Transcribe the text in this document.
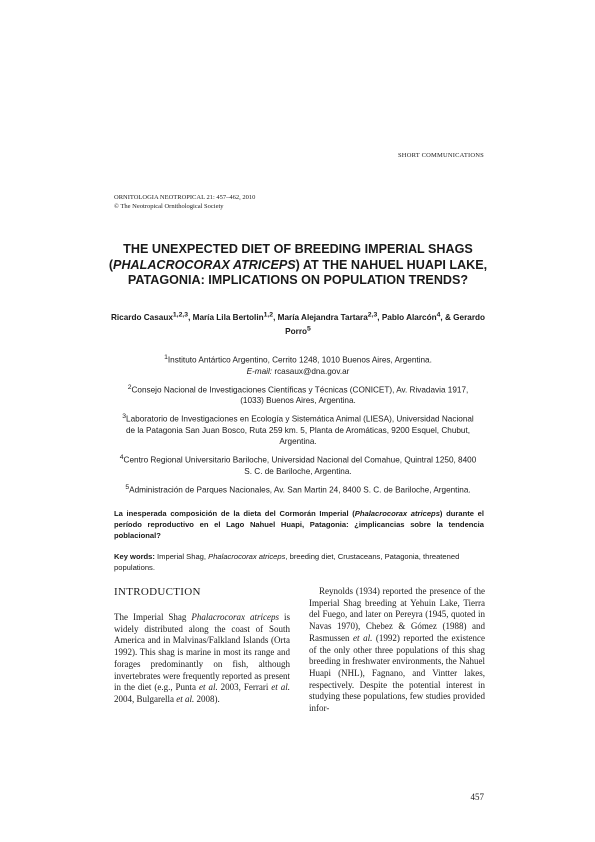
SHORT COMMUNICATIONS
ORNITOLOGIA NEOTROPICAL 21: 457–462, 2010
© The Neotropical Ornithological Society
THE UNEXPECTED DIET OF BREEDING IMPERIAL SHAGS
(PHALACROCORAX ATRICEPS) AT THE NAHUEL HUAPI LAKE,
PATAGONIA: IMPLICATIONS ON POPULATION TRENDS?
Ricardo Casaux$^{1,2,3}$, María Lila Bertolin$^{1,2}$, María Alejandra Tartara$^{2,3}$, Pablo Alarcón$^4$, & Gerardo Porro$^5$
$^1$Instituto Antártico Argentino, Cerrito 1248, 1010 Buenos Aires, Argentina.
E-mail: rcasaux@dna.gov.ar
$^2$Consejo Nacional de Investigaciones Científicas y Técnicas (CONICET), Av. Rivadavia 1917, (1033) Buenos Aires, Argentina.
$^3$Laboratorio de Investigaciones en Ecología y Sistemática Animal (LIESA), Universidad Nacional de la Patagonia San Juan Bosco, Ruta 259 km. 5, Planta de Aromáticas, 9200 Esquel, Chubut, Argentina.
$^4$Centro Regional Universitario Bariloche, Universidad Nacional del Comahue, Quintral 1250, 8400 S. C. de Bariloche, Argentina.
$^5$Administración de Parques Nacionales, Av. San Martin 24, 8400 S. C. de Bariloche, Argentina.
La inesperada composición de la dieta del Cormorán Imperial (Phalacrocorax atriceps) durante el período reproductivo en el Lago Nahuel Huapi, Patagonia: ¿implicancias sobre la tendencia poblacional?
Key words: Imperial Shag, Phalacrocorax atriceps, breeding diet, Crustaceans, Patagonia, threatened populations.
INTRODUCTION

The Imperial Shag Phalacrocorax atriceps is widely distributed along the coast of South America and in Malvinas/Falkland Islands (Orta 1992). This shag is marine in most its range and forages predominantly on fish, although invertebrates were frequently reported as present in the diet (e.g., Punta et al. 2003, Ferrari et al. 2004, Bulgarella et al. 2008).

Reynolds (1934) reported the presence of the Imperial Shag breeding at Yehuin Lake, Tierra del Fuego, and later on Pereyra (1945, quoted in Navas 1970), Chebez & Gómez (1988) and Rasmussen et al. (1992) reported the existence of the only other three populations of this shag breeding in freshwater environments, the Nahuel Huapi (NHL), Fagnano, and Vintter lakes, respectively. Despite the potential interest in studying these populations, few studies provided infor-

457
